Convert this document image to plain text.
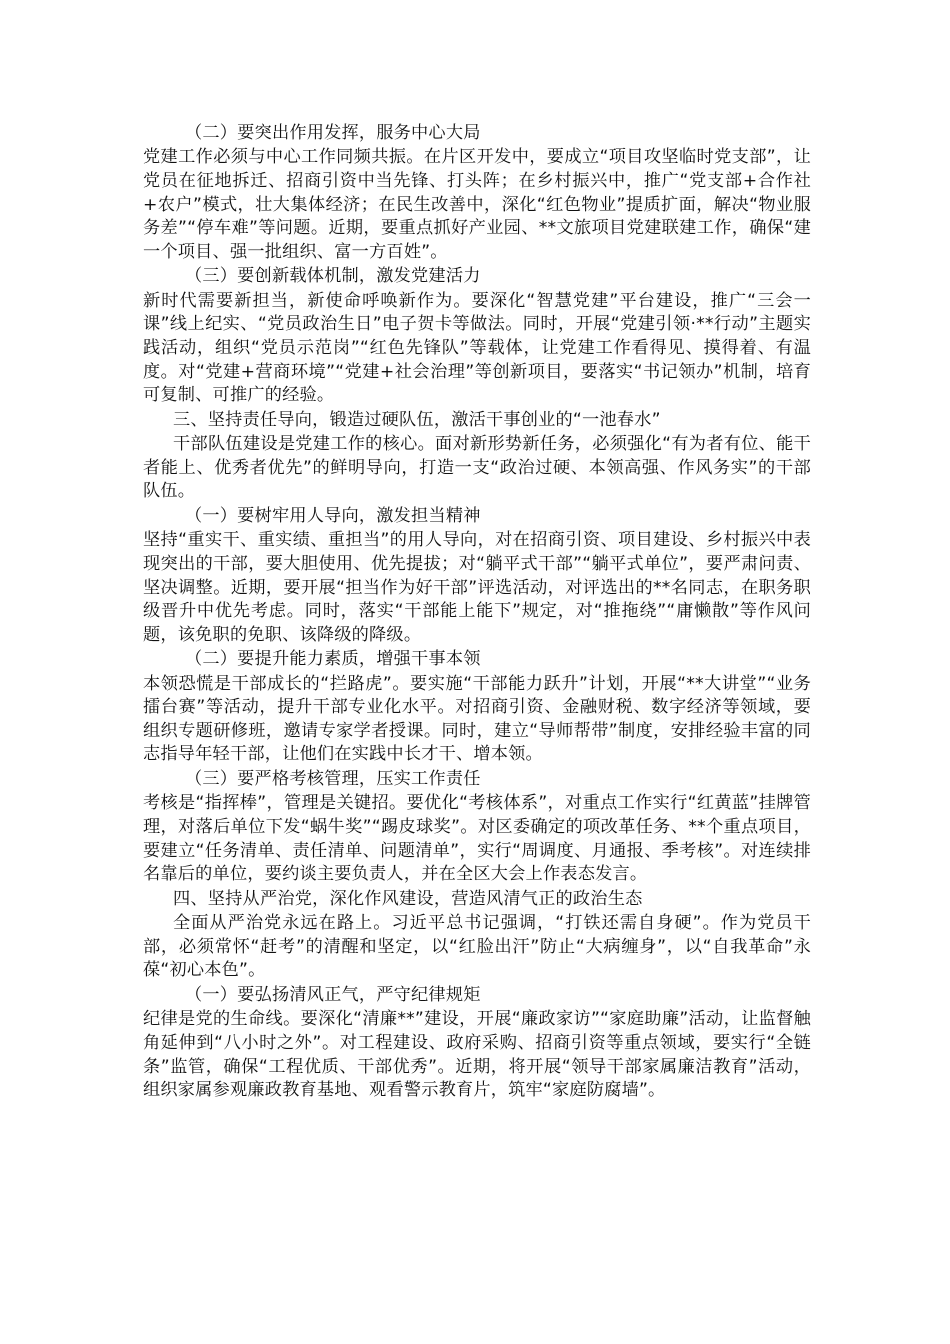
（二）要突出作用发挥，服务中心大局

党建工作必须与中心工作同频共振。在片区开发中，要成立“项目攻坚临时党支部”，让党员在征地拆迁、招商引资中当先锋、打头阵；在乡村振兴中，推广“党支部+合作社+农户”模式，壮大集体经济；在民生改善中，深化“红色物业”提质扩面，解决“物业服务差”“停车难”等问题。近期，要重点抓好产业园、**文旅项目党建联建工作，确保“建一个项目、强一批组织、富一方百姓”。

（三）要创新载体机制，激发党建活力

新时代需要新担当，新使命呼唤新作为。要深化“智慧党建”平台建设，推广“三会一课”线上纪实、“党员政治生日”电子贺卡等做法。同时，开展“党建引领·**行动”主题实践活动，组织“党员示范岗”“红色先锋队”等载体，让党建工作看得见、摸得着、有温度。对“党建+营商环境”“党建+社会治理”等创新项目，要落实“书记领办”机制，培育可复制、可推广的经验。

三、坚持责任导向，锻造过硬队伍，激活干事创业的“一池春水”

干部队伍建设是党建工作的核心。面对新形势新任务，必须强化“有为者有位、能干者能上、优秀者优先”的鲜明导向，打造一支“政治过硬、本领高强、作风务实”的干部队伍。

（一）要树牢用人导向，激发担当精神

坚持“重实干、重实绩、重担当”的用人导向，对在招商引资、项目建设、乡村振兴中表现突出的干部，要大胆使用、优先提拔；对“躺平式干部”“躺平式单位”，要严肃问责、坚决调整。近期，要开展“担当作为好干部”评选活动，对评选出的**名同志，在职务职级晋升中优先考虑。同时，落实“干部能上能下”规定，对“推拖绕”“庸懒散”等作风问题，该免职的免职、该降级的降级。

（二）要提升能力素质，增强干事本领

本领恐慌是干部成长的“拦路虎”。要实施“干部能力跃升”计划，开展“**大讲堂”“业务擂台赛”等活动，提升干部专业化水平。对招商引资、金融财税、数字经济等领域，要组织专题研修班，邀请专家学者授课。同时，建立“导师帮带”制度，安排经验丰富的同志指导年轻干部，让他们在实践中长才干、增本领。

（三）要严格考核管理，压实工作责任

考核是“指挥棒”，管理是关键招。要优化“考核体系”，对重点工作实行“红黄蓝”挂牌管理，对落后单位下发“蜗牛奖”“踢皮球奖”。对区委确定的项改革任务、**个重点项目，要建立“任务清单、责任清单、问题清单”，实行“周调度、月通报、季考核”。对连续排名靠后的单位，要约谈主要负责人，并在全区大会上作表态发言。

四、坚持从严治党，深化作风建设，营造风清气正的政治生态

全面从严治党永远在路上。习近平总书记强调，“打铁还需自身硬”。作为党员干部，必须常怀“赶考”的清醒和坚定，以“红脸出汗”防止“大病缠身”，以“自我革命”永葆“初心本色”。

（一）要弘扬清风正气，严守纪律规矩

纪律是党的生命线。要深化“清廉**”建设，开展“廉政家访”“家庭助廉”活动，让监督触角延伸到“八小时之外”。对工程建设、政府采购、招商引资等重点领域，要实行“全链条”监管，确保“工程优质、干部优秀”。近期，将开展“领导干部家属廉洁教育”活动，组织家属参观廉政教育基地、观看警示教育片，筑牢“家庭防腐墙”。
